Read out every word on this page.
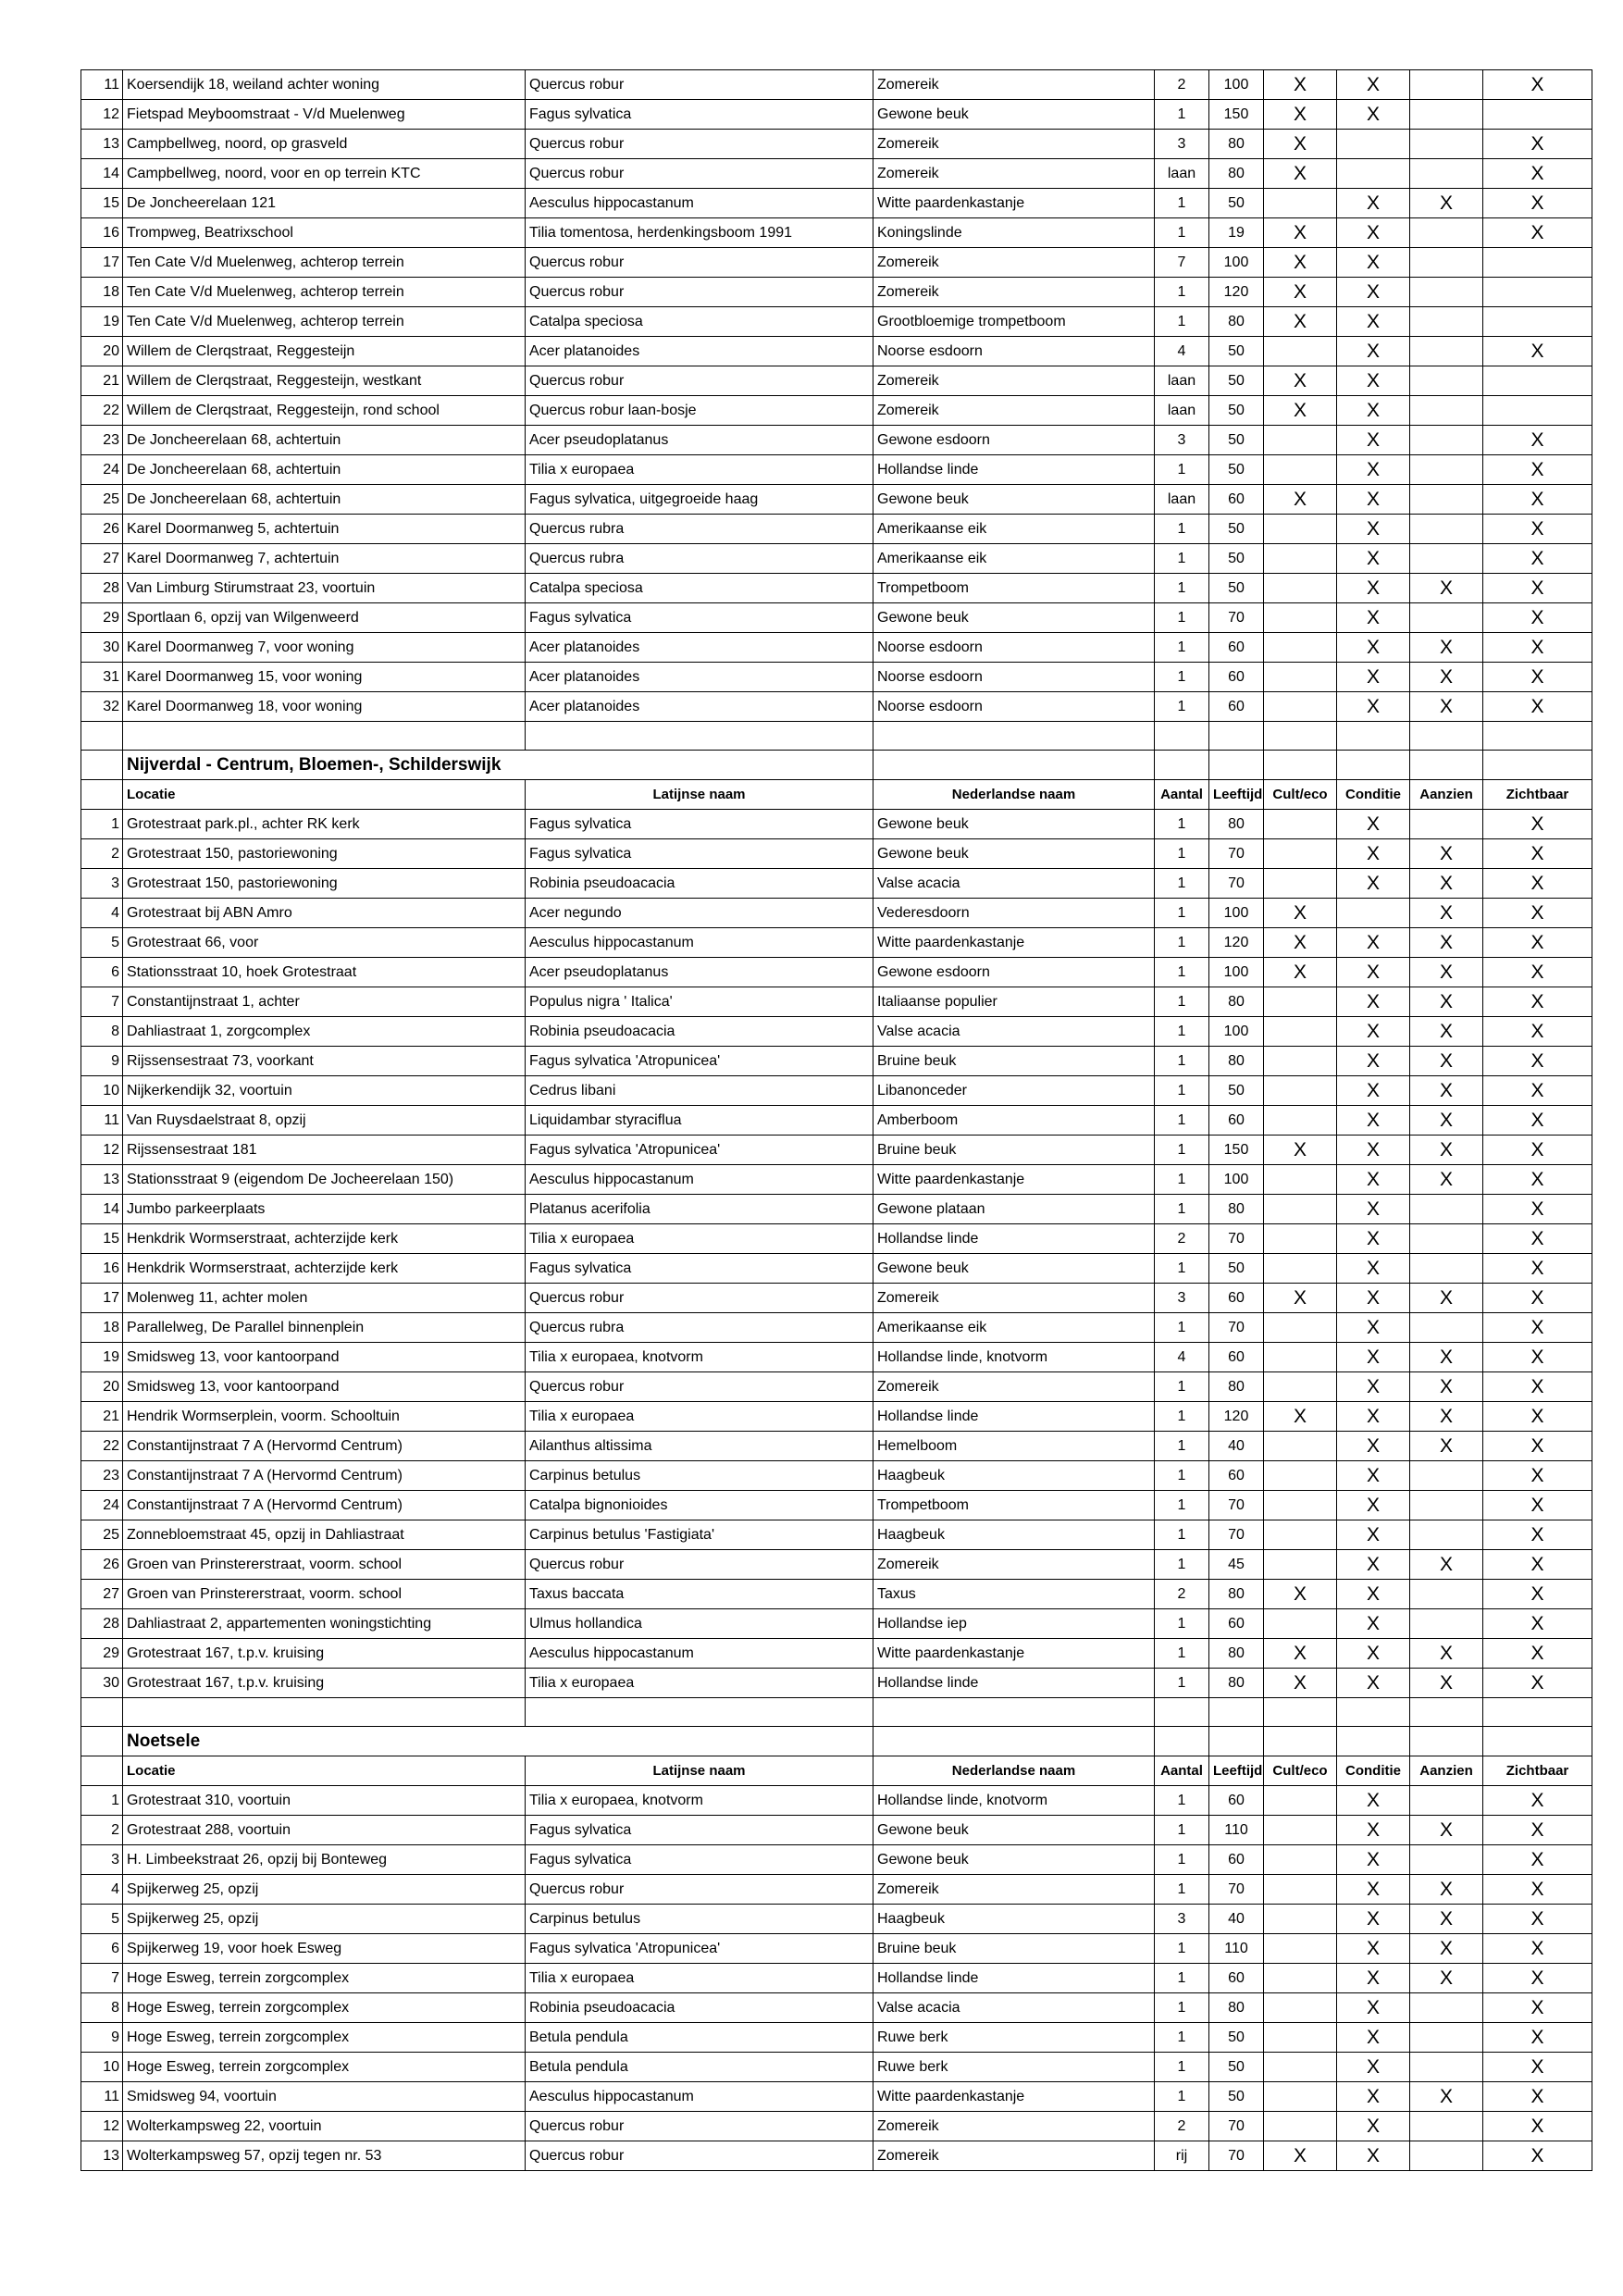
11	Koersendijk 18, weiland achter woning	Quercus robur	Zomereik	2	100	X	X		X
12	Fietspad Meyboomstraat - V/d Muelenweg	Fagus sylvatica	Gewone beuk	1	150	X	X		
13	Campbellweg, noord, op grasveld	Quercus robur	Zomereik	3	80	X			X
14	Campbellweg, noord, voor en op terrein KTC	Quercus robur	Zomereik	laan	80	X			X
15	De Joncheerelaan 121	Aesculus hippocastanum	Witte paardenkastanje	1	50		X	X	X
16	Trompweg, Beatrixschool	Tilia tomentosa, herdenkingsboom 1991	Koningslinde	1	19	X	X		X
17	Ten Cate V/d Muelenweg, achterop terrein	Quercus robur	Zomereik	7	100	X	X		
18	Ten Cate V/d Muelenweg, achterop terrein	Quercus robur	Zomereik	1	120	X	X		
19	Ten Cate V/d Muelenweg, achterop terrein	Catalpa speciosa	Grootbloemige trompetboom	1	80	X	X		
20	Willem de Clerqstraat, Reggesteijn	Acer platanoides	Noorse esdoorn	4	50		X		X
21	Willem de Clerqstraat, Reggesteijn, westkant	Quercus robur	Zomereik	laan	50	X	X		
22	Willem de Clerqstraat, Reggesteijn, rond school	Quercus robur laan-bosje	Zomereik	laan	50	X	X		
23	De Joncheerelaan 68, achtertuin	Acer pseudoplatanus	Gewone esdoorn	3	50		X		X
24	De Joncheerelaan 68, achtertuin	Tilia x europaea	Hollandse linde	1	50		X		X
25	De Joncheerelaan 68, achtertuin	Fagus sylvatica, uitgegroeide haag	Gewone beuk	laan	60	X	X		X
26	Karel Doormanweg 5, achtertuin	Quercus rubra	Amerikaanse eik	1	50		X		X
27	Karel Doormanweg 7, achtertuin	Quercus rubra	Amerikaanse eik	1	50		X		X
28	Van Limburg Stirumstraat 23, voortuin	Catalpa speciosa	Trompetboom	1	50		X	X	X
29	Sportlaan 6, opzij van Wilgenweerd	Fagus sylvatica	Gewone beuk	1	70		X		X
30	Karel Doormanweg 7, voor woning	Acer platanoides	Noorse esdoorn	1	60		X	X	X
31	Karel Doormanweg 15, voor woning	Acer platanoides	Noorse esdoorn	1	60		X	X	X
32	Karel Doormanweg 18, voor woning	Acer platanoides	Noorse esdoorn	1	60		X	X	X

	Nijverdal - Centrum, Bloemen-, Schilderswijk								
	Locatie	Latijnse naam	Nederlandse naam	Aantal	Leeftijd	Cult/eco	Conditie	Aanzien	Zichtbaar
1	Grotestraat park.pl., achter RK kerk	Fagus sylvatica	Gewone beuk	1	80		X		X
2	Grotestraat 150, pastoriewoning	Fagus sylvatica	Gewone beuk	1	70		X	X	X
3	Grotestraat 150, pastoriewoning	Robinia pseudoacacia	Valse acacia	1	70		X	X	X
4	Grotestraat bij ABN Amro	Acer negundo	Vederesdoorn	1	100	X		X	X
5	Grotestraat 66, voor	Aesculus hippocastanum	Witte paardenkastanje	1	120	X	X	X	X
6	Stationsstraat 10, hoek Grotestraat	Acer pseudoplatanus	Gewone esdoorn	1	100	X	X	X	X
7	Constantijnstraat 1, achter	Populus nigra ' Italica'	Italiaanse populier	1	80		X	X	X
8	Dahliastraat 1, zorgcomplex	Robinia pseudoacacia	Valse acacia	1	100		X	X	X
9	Rijssensestraat 73, voorkant	Fagus sylvatica 'Atropunicea'	Bruine beuk	1	80		X	X	X
10	Nijkerkendijk 32, voortuin	Cedrus libani	Libanonceder	1	50		X	X	X
11	Van Ruysdaelstraat 8, opzij	Liquidambar styraciflua	Amberboom	1	60		X	X	X
12	Rijssensestraat 181	Fagus sylvatica 'Atropunicea'	Bruine beuk	1	150	X	X	X	X
13	Stationsstraat 9 (eigendom De Jocheerelaan 150)	Aesculus hippocastanum	Witte paardenkastanje	1	100		X	X	X
14	Jumbo parkeerplaats	Platanus acerifolia	Gewone plataan	1	80		X		X
15	Henkdrik Wormserstraat, achterzijde kerk	Tilia x europaea	Hollandse linde	2	70		X		X
16	Henkdrik Wormserstraat, achterzijde kerk	Fagus sylvatica	Gewone beuk	1	50		X		X
17	Molenweg 11, achter molen	Quercus robur	Zomereik	3	60	X	X	X	X
18	Parallelweg, De Parallel binnenplein	Quercus rubra	Amerikaanse eik	1	70		X		X
19	Smidsweg 13, voor kantoorpand	Tilia x europaea, knotvorm	Hollandse linde, knotvorm	4	60		X	X	X
20	Smidsweg 13, voor kantoorpand	Quercus robur	Zomereik	1	80		X	X	X
21	Hendrik Wormserplein, voorm. Schooltuin	Tilia x europaea	Hollandse linde	1	120	X	X	X	X
22	Constantijnstraat 7 A (Hervormd Centrum)	Ailanthus altissima	Hemelboom	1	40		X	X	X
23	Constantijnstraat 7 A (Hervormd Centrum)	Carpinus betulus	Haagbeuk	1	60		X		X
24	Constantijnstraat 7 A (Hervormd Centrum)	Catalpa bignonioides	Trompetboom	1	70		X		X
25	Zonnebloemstraat 45, opzij in Dahliastraat	Carpinus betulus 'Fastigiata'	Haagbeuk	1	70		X		X
26	Groen van Prinstererstraat, voorm. school	Quercus robur	Zomereik	1	45		X	X	X
27	Groen van Prinstererstraat, voorm. school	Taxus baccata	Taxus	2	80	X	X		X
28	Dahliastraat 2, appartementen woningstichting	Ulmus hollandica	Hollandse iep	1	60		X		X
29	Grotestraat 167, t.p.v. kruising	Aesculus hippocastanum	Witte paardenkastanje	1	80	X	X	X	X
30	Grotestraat 167, t.p.v. kruising	Tilia x europaea	Hollandse linde	1	80	X	X	X	X

	Noetsele								
	Locatie	Latijnse naam	Nederlandse naam	Aantal	Leeftijd	Cult/eco	Conditie	Aanzien	Zichtbaar
1	Grotestraat 310, voortuin	Tilia x europaea, knotvorm	Hollandse linde, knotvorm	1	60		X		X
2	Grotestraat 288, voortuin	Fagus sylvatica	Gewone beuk	1	110		X	X	X
3	H. Limbeekstraat 26, opzij bij Bonteweg	Fagus sylvatica	Gewone beuk	1	60		X		X
4	Spijkerweg 25, opzij	Quercus robur	Zomereik	1	70		X	X	X
5	Spijkerweg 25, opzij	Carpinus betulus	Haagbeuk	3	40		X	X	X
6	Spijkerweg 19, voor hoek Esweg	Fagus sylvatica 'Atropunicea'	Bruine beuk	1	110		X	X	X
7	Hoge Esweg, terrein zorgcomplex	Tilia x europaea	Hollandse linde	1	60		X	X	X
8	Hoge Esweg, terrein zorgcomplex	Robinia pseudoacacia	Valse acacia	1	80		X		X
9	Hoge Esweg, terrein zorgcomplex	Betula pendula	Ruwe berk	1	50		X		X
10	Hoge Esweg, terrein zorgcomplex	Betula pendula	Ruwe berk	1	50		X		X
11	Smidsweg 94, voortuin	Aesculus hippocastanum	Witte paardenkastanje	1	50		X	X	X
12	Wolterkampsweg 22, voortuin	Quercus robur	Zomereik	2	70		X		X
13	Wolterkampsweg 57, opzij tegen nr. 53	Quercus robur	Zomereik	rij	70	X	X		X
